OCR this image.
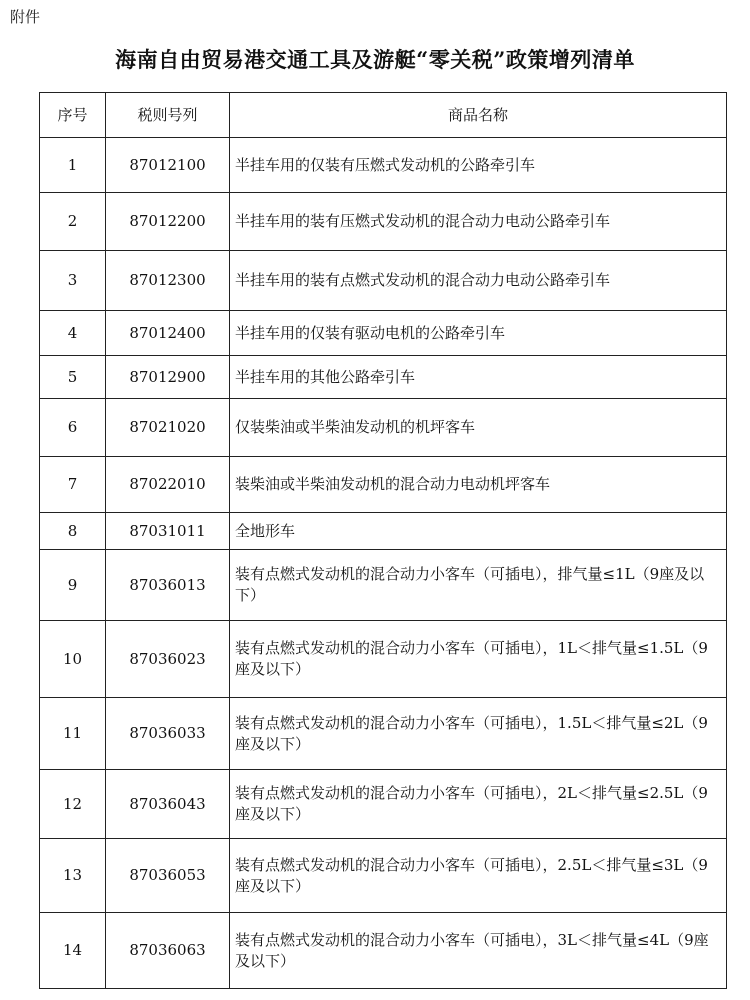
附件
海南自由贸易港交通工具及游艇“零关税”政策增列清单
序号	税则号列	商品名称
1	87012100	半挂车用的仅装有压燃式发动机的公路牵引车
2	87012200	半挂车用的装有压燃式发动机的混合动力电动公路牵引车
3	87012300	半挂车用的装有点燃式发动机的混合动力电动公路牵引车
4	87012400	半挂车用的仅装有驱动电机的公路牵引车
5	87012900	半挂车用的其他公路牵引车
6	87021020	仅装柴油或半柴油发动机的机坪客车
7	87022010	装柴油或半柴油发动机的混合动力电动机坪客车
8	87031011	全地形车
9	87036013	装有点燃式发动机的混合动力小客车（可插电），排气量≤1L（9座及以下）
10	87036023	装有点燃式发动机的混合动力小客车（可插电），1L＜排气量≤1.5L（9座及以下）
11	87036033	装有点燃式发动机的混合动力小客车（可插电），1.5L＜排气量≤2L（9座及以下）
12	87036043	装有点燃式发动机的混合动力小客车（可插电），2L＜排气量≤2.5L（9座及以下）
13	87036053	装有点燃式发动机的混合动力小客车（可插电），2.5L＜排气量≤3L（9座及以下）
14	87036063	装有点燃式发动机的混合动力小客车（可插电），3L＜排气量≤4L（9座及以下）
